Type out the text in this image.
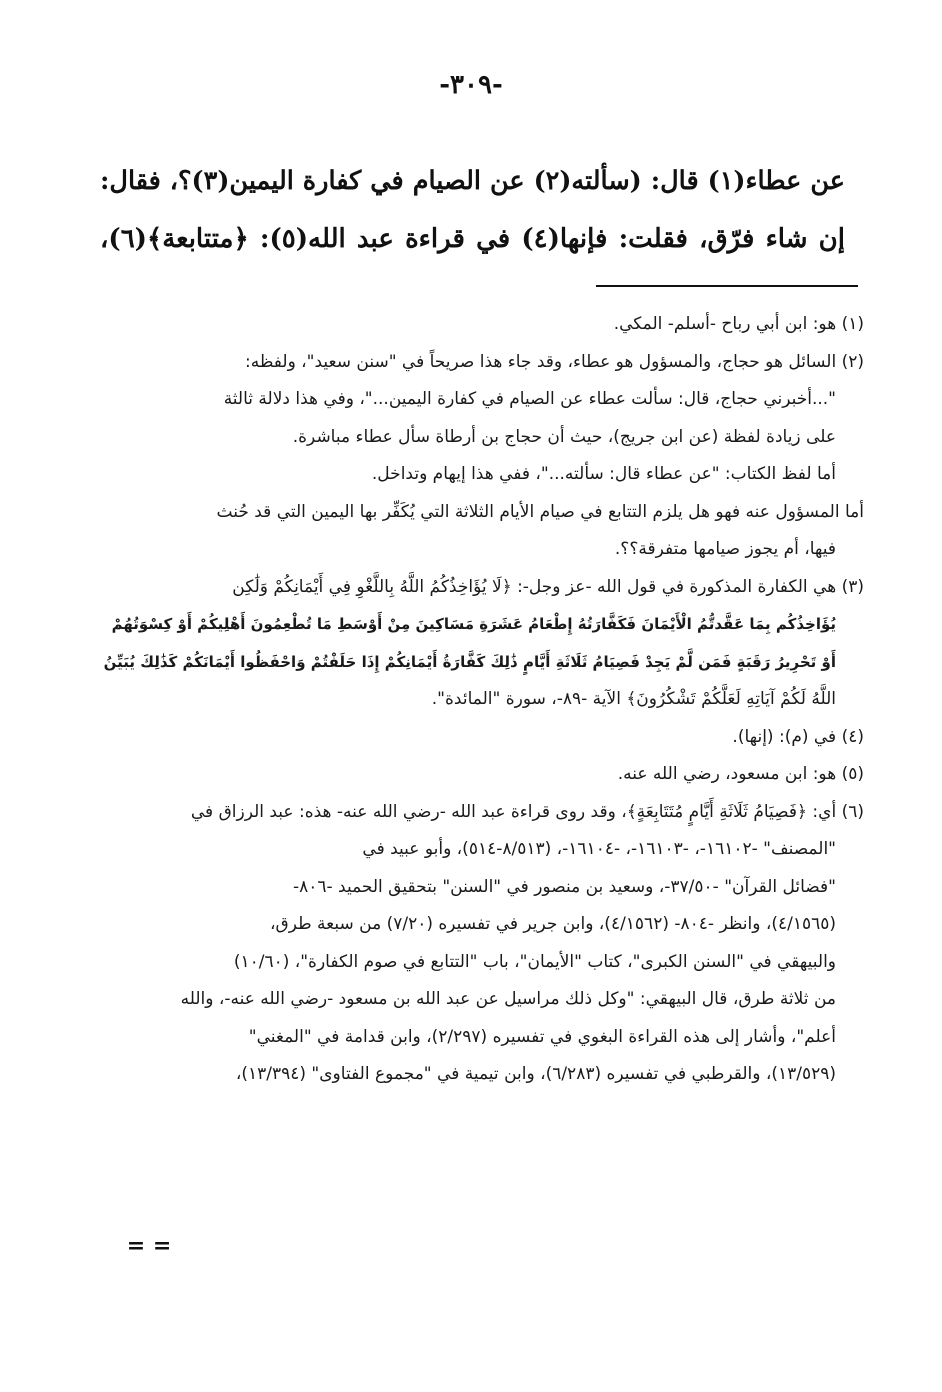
-٣٠٩-
عن عطاء(١) قال: (سألته(٢) عن الصيام في كفارة اليمين(٣)؟، فقال:
إن شاء فرّق، فقلت: فإنها(٤) في قراءة عبد الله(٥): ﴿متتابعة﴾(٦)،
(١) هو: ابن أبي رباح -أسلم- المكي.
(٢) السائل هو حجاج، والمسؤول هو عطاء، وقد جاء هذا صريحاً في "سنن سعيد"، ولفظه:
"...أخبرني حجاج، قال: سألت عطاء عن الصيام في كفارة اليمين..."، وفي هذا دلالة ثالثة
على زيادة لفظة (عن ابن جريج)، حيث أن حجاج بن أرطاة سأل عطاء مباشرة.
أما لفظ الكتاب: "عن عطاء قال: سألته..."، ففي هذا إيهام وتداخل.
أما المسؤول عنه فهو هل يلزم التتابع في صيام الأيام الثلاثة التي يُكَفِّر بها اليمين التي قد حُنث
فيها، أم يجوز صيامها متفرقة؟؟.
(٣) هي الكفارة المذكورة في قول الله -عز وجل-: ﴿لَا يُؤَاخِذُكُمُ اللَّهُ بِاللَّغْوِ فِي أَيْمَانِكُمْ وَلَٰكِن
يُؤَاخِذُكُم بِمَا عَقَّدتُّمُ الْأَيْمَانَ فَكَفَّارَتُهُ إِطْعَامُ عَشَرَةِ مَسَاكِينَ مِنْ أَوْسَطِ مَا تُطْعِمُونَ أَهْلِيكُمْ أَوْ كِسْوَتُهُمْ
أَوْ تَحْرِيرُ رَقَبَةٍ فَمَن لَّمْ يَجِدْ فَصِيَامُ ثَلَاثَةِ أَيَّامٍ ذَٰلِكَ كَفَّارَةُ أَيْمَانِكُمْ إِذَا حَلَفْتُمْ وَاحْفَظُوا أَيْمَانَكُمْ كَذَٰلِكَ يُبَيِّنُ
اللَّهُ لَكُمْ آيَاتِهِ لَعَلَّكُمْ تَشْكُرُونَ﴾ الآية -٨٩-، سورة "المائدة".
(٤) في (م): (إنها).
(٥) هو: ابن مسعود، رضي الله عنه.
(٦) أي: ﴿فَصِيَامُ ثَلَاثَةِ أَيَّامٍ مُتَتَابِعَةٍ﴾، وقد روى قراءة عبد الله -رضي الله عنه- هذه: عبد الرزاق في
"المصنف" -١٦١٠٢-، -١٦١٠٣-، -١٦١٠٤-، (٨/٥١٣-٥١٤)، وأبو عبيد في
"فضائل القرآن" -٣٧/٥٠-، وسعيد بن منصور في "السنن" بتحقيق الحميد -٨٠٦-
(٤/١٥٦٥)، وانظر -٨٠٤- (٤/١٥٦٢)، وابن جرير في تفسيره (٧/٢٠) من سبعة طرق،
والبيهقي في "السنن الكبرى"، كتاب "الأيمان"، باب "التتابع في صوم الكفارة"، (١٠/٦٠)
من ثلاثة طرق، قال البيهقي: "وكل ذلك مراسيل عن عبد الله بن مسعود -رضي الله عنه-، والله
أعلم"، وأشار إلى هذه القراءة البغوي في تفسيره (٢/٢٩٧)، وابن قدامة في "المغني"
(١٣/٥٢٩)، والقرطبي في تفسيره (٦/٢٨٣)، وابن تيمية في "مجموع الفتاوى" (١٣/٣٩٤)،
= =
